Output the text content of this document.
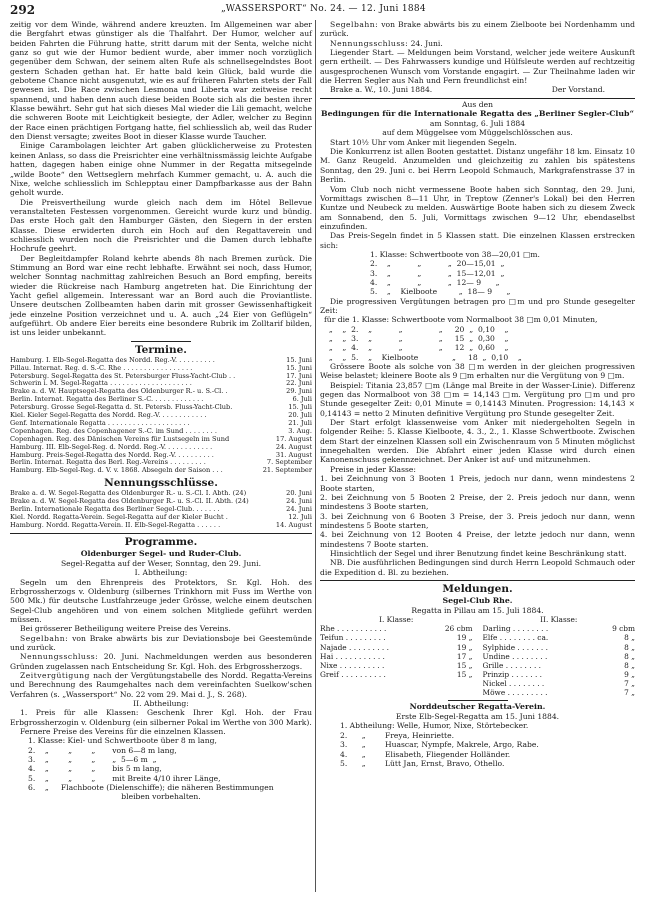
292	„WASSERSPORT“ No. 24. — 12. Juni 1884

zeitig vor dem Winde, während andere kreuzten. Im Allgemeinen war aber die Bergfahrt etwas günstiger als die Thalfahrt. Der Humor, welcher auf beiden Fahrten die Führung hatte, stritt darum mit der Senta, welche nicht ganz so gut wie der Humor bedient wurde, aber immer noch vorzüglich gegenüber dem Schwan, der seinem alten Rufe als schnellsegelndstes Boot gestern Schaden gethan hat. Er hatte bald kein Glück, bald wurde die gebotene Chance nicht ausgenutzt, wie es auf früheren Fahrten stets der Fall gewesen ist. Die Race zwischen Lesmona und Liberta war zeitweise recht spannend, und haben denn auch diese beiden Boote sich als die besten ihrer Klasse bewährt. Sehr gut hat sich dieses Mal wieder die Lili gemacht, welche die schweren Boote mit Leichtigkeit besiegte, der Adler, welcher zu Beginn der Race einen prächtigen Fortgang hatte, fiel schliesslich ab, weil das Ruder den Dienst versagte; zweites Boot in dieser Klasse wurde Taucher.

Einige Carambolagen leichter Art gaben glücklicherweise zu Protesten keinen Anlass, so dass die Preisrichter eine verhältnissmässig leichte Aufgabe hatten, dagegen haben einige ohne Nummer in der Regatta mitsegelnde „wilde Boote“ den Wettseglern mehrfach Kummer gemacht, u. A. auch die Nixe, welche schliesslich im Schlepptau einer Dampfbarkasse aus der Bahn geholt wurde.

Die Preisvertheilung wurde gleich nach dem im Hôtel Bellevue veranstalteten Festessen vorgenommen. Gereicht wurde kurz und bündig. Das erste Hoch galt den Hamburger Gästen, den Siegern in der ersten Klasse. Diese erwiderten durch ein Hoch auf den Regattaverein und schliesslich wurden noch die Preisrichter und die Damen durch lebhafte Hochrufe geehrt.

Der Begleitdampfer Roland kehrte abends 8h nach Bremen zurück. Die Stimmung an Bord war eine recht lebhafte. Erwähnt sei noch, dass Humor, welcher Sonntag nachmittag zahlreichen Besuch an Bord empfing, bereits wieder die Rückreise nach Hamburg angetreten hat. Die Einrichtung der Yacht gefiel allgemein. Interessant war an Bord auch die Proviantliste. Unsere deutschen Zollbeamten haben darin mit grosser Gewissenhaftigkeit jede einzelne Position verzeichnet und u. A. auch „24 Eier von Geflügeln“ aufgeführt. Ob andere Eier bereits eine besondere Rubrik im Zolltarif bilden, ist uns leider unbekannt.

Termine.
Hamburg. I. Elb-Segel-Regatta des Nordd. Reg.-V. . . . . . . . . .	15. Juni
Pillau. Internat. Reg. d. S.-C. Rhe . . . . . . . . . . . . . . . . .	15. Juni
Petersburg. Segel-Regatta des St. Petersburger Fluss-Yacht-Club . .	17. Juni
Schwerin i. M. Segel-Regatta . . . . . . . . . . . . . . . . . . . .	22. Juni
Brake a. d. W. Hauptsegel-Regatta des Oldenburger R.- u. S.-Cl. .	29. Juni
Berlin. Internat. Regatta des Berliner S.-C. . . . . . . . . . . . .	6. Juli
Petersburg. Grosse Segel-Regatta d. St. Petersb. Fluss-Yacht-Club.	15. Juli
Kiel. Kieler Segel-Regatta des Nordd. Reg.-V. . . . . . . . . . . .	20. Juli
Genf. Internationale Regatta . . . . . . . . . . . . . . . . . . . .	21. Juli
Copenhagen. Reg. des Copenhagener S.-C. im Sund . . . . . . . .	3. Aug.
Copenhagen. Reg. des Dänischen Vereins für Lustsegeln im Sund	17. August
Hamburg. III. Elb-Segel-Reg. d. Nordd. Reg.-V. . . . . . . . . . . .	24. August
Hamburg. Preis-Segel-Regatta des Nordd. Reg.-V. . . . . . . . . .	31. August
Berlin. Internat. Regatta des Berl. Reg.-Vereins . . . . . . . . .	7. September
Hamburg. Elb-Segel-Reg. d. V. v. 1868. Absegeln der Saison . . .	21. September
Nennungsschlüsse.
Brake a. d. W. Segel-Regatta des Oldenburger R.- u. S.-Cl. I. Abth. (24)	20. Juni
Brake a. d. W. Segel-Regatta des Oldenburger R.- u. S.-Cl. II. Abth. (24)	24. Juni
Berlin. Internationale Regatta des Berliner Segel-Club. . . . . . .	24. Juni
Kiel. Nordd. Regatta-Verein. Segel-Regatta auf der Kieler Bucht .	12. Juli
Hamburg. Nordd. Regatta-Verein. II. Elb-Segel-Regatta . . . . . .	14. August
Programme.
Oldenburger Segel- und Ruder-Club.

Segel-Regatta auf der Weser, Sonntag, den 29. Juni.

I. Abtheilung:

Segeln um den Ehrenpreis des Protektors, Sr. Kgl. Hoh. des Erbgrossherzogs v. Oldenburg (silbernes Trinkhorn mit Fuss im Werthe von 500 Mk.) für deutsche Lustfahrzeuge jeder Grösse, welche einem deutschen Segel-Club angehören und von einem solchen Mitgliede geführt werden müssen.

Bei grösserer Betheiligung weitere Preise des Vereins.

Segelbahn: von Brake abwärts bis zur Deviationsboje bei Geestemünde und zurück.

Nennungsschluss: 20. Juni. Nachmeldungen werden aus besonderen Gründen zugelassen nach Entscheidung Sr. Kgl. Hoh. des Erbgrossherzogs.

Zeitvergütigung nach der Vergütungstabelle des Nordd. Regatta-Vereins und Berechnung des Raumgehaltes nach dem vereinfachten Suelkow'schen Verfahren (s. „Wassersport“ No. 22 vom 29. Mai d. J., S. 268).

II. Abtheilung:

1. Preis für alle Klassen: Geschenk Ihrer Kgl. Hoh. der Frau Erbgrossherzogin v. Oldenburg (ein silberner Pokal im Werthe von 300 Mark).

Fernere Preise des Vereins für die einzelnen Klassen.

1. Klasse: Kiel- und Schwertboote über 8 m lang,
2.    „        „        „       von 6—8 m lang,
3.    „        „        „       „  5—6 m  „
4.    „        „        „       bis 5 m lang,
5.    „        „        „       mit Breite 4/10 ihrer Länge,
6.    „     Flachboote (Dielenschiffe); die näheren Bestimmungen

bleiben vorbehalten.

Segelbahn: von Brake abwärts bis zu einem Zielboote bei Nordenhamm und zurück.

Nennungsschluss: 24. Juni.

Liegender Start. — Meldungen beim Vorstand, welcher jede weitere Auskunft gern ertheilt. — Des Fahrwassers kundige und Hülfsleute werden auf rechtzeitig ausgesprochenen Wunsch vom Vorstande engagirt. — Zur Theilnahme laden wir die Herren Segler aus Nah und Fern freundlichst ein!

Brake a. W., 10. Juni 1884.	Der Vorstand.

Aus den

Bedingungen für die Internationale Regatta des „Berliner Segler-Club“

am Sonntag, 6. Juli 1884

auf dem Müggelsee vom Müggelschlösschen aus.

Start 10½ Uhr vom Anker mit liegenden Segeln.

Die Konkurrenz ist allen Booten gestattet. Distanz ungefähr 18 km. Einsatz 10 M. Ganz Reugeld. Anzumelden und gleichzeitig zu zahlen bis spätestens Sonntag, den 29. Juni c. bei Herrn Leopold Schmauch, Markgrafenstrasse 37 in Berlin.

Vom Club noch nicht vermessene Boote haben sich Sonntag, den 29. Juni, Vormittags zwischen 8—11 Uhr, in Treptow (Zenner's Lokal) bei den Herren Kuntze und Neubeck zu melden. Auswärtige Boote haben sich zu diesem Zweck am Sonnabend, den 5. Juli, Vormittags zwischen 9—12 Uhr, ebendaselbst einzufinden.

Das Preis-Segeln findet in 5 Klassen statt. Die einzelnen Klassen erstrecken sich:

1. Klasse: Schwertboote von 38—20,01 □m.
2.    „           „           „  20—15,01  „
3.    „           „           „  15—12,01  „
4.    „           „           „  12— 9      „
5.    „    Kielboote         „  18— 9      „

Die progressiven Vergütungen betragen pro □m und pro Stunde gesegelter Zeit:

für die 1. Klasse: Schwertboote vom Normalboot 38 □m 0,01 Minuten,
„    „  2.    „           „               „     20  „  0,10    „
„    „  3.    „           „               „     15  „  0,30    „
„    „  4.    „           „               „     12  „  0,60    „
„    „  5.    „    Kielboote              „     18  „  0,10    „

Grössere Boote als solche von 38 □m werden in der gleichen progressiven Weise belastet; kleinere Boote als 9 □m erhalten nur die Vergütung von 9 □m.

Beispiel: Titania 23,857 □m (Länge mal Breite in der Wasser-Linie). Differenz gegen das Normalboot von 38 □m = 14,143 □m. Vergütung pro □m und pro Stunde gesegelter Zeit: 0,01 Minute = 0,14143 Minuten. Progression: 14,143 × 0,14143 = netto 2 Minuten definitive Vergütung pro Stunde gesegelter Zeit.

Der Start erfolgt klassenweise vom Anker mit niedergeholten Segeln in folgender Reihe: 5. Klasse Kielboote, 4. 3., 2., 1. Klasse Schwertboote. Zwischen dem Start der einzelnen Klassen soll ein Zwischenraum von 5 Minuten möglichst innegehalten werden. Die Abfahrt einer jeden Klasse wird durch einen Kanonenschuss gekennzeichnet. Der Anker ist auf- und mitzunehmen.

Preise in jeder Klasse:

1. bei Zeichnung von 3 Booten 1 Preis, jedoch nur dann, wenn mindestens 2 Boote starten,

2. bei Zeichnung von 5 Booten 2 Preise, der 2. Preis jedoch nur dann, wenn mindestens 3 Boote starten,

3. bei Zeichnung von 6 Booten 3 Preise, der 3. Preis jedoch nur dann, wenn mindestens 5 Boote starten,

4. bei Zeichnung von 12 Booten 4 Preise, der letzte jedoch nur dann, wenn mindestens 7 Boote starten.

Hinsichtlich der Segel und ihrer Benutzung findet keine Beschränkung statt.

NB. Die ausführlichen Bedingungen sind durch Herrn Leopold Schmauch oder die Expedition d. Bl. zu beziehen.

Meldungen.
Segel-Club Rhe.

Regatta in Pillau am 15. Juli 1884.

I. Klasse:
Rhe . . . . . . . . . . .	26 cbm
Teifun . . . . . . . . .	19 „
Najade . . . . . . . . .	19 „
Hai . . . . . . . . . . .	17 „
Nixe . . . . . . . . . .	15 „
Greif . . . . . . . . . .	15 „
II. Klasse:
Darling . . . . . . . .	9 cbm
Elfe . . . . . . . . ca.	8 „
Sylphide . . . . . . .	8 „
Undine . . . . . . . .	8 „
Grille . . . . . . . .	8 „
Prinzip . . . . . . .	9 „
Nickel . . . . . . . .	7 „
Möwe . . . . . . . . .	7 „
Norddeutscher Regatta-Verein.

Erste Elb-Segel-Regatta am 15. Juni 1884.

1. Abtheilung: Welle, Humor, Nixe, Störtebecker.
2.      „        Freya, Heinriette.
3.      „        Huascar, Nympfe, Makrele, Argo, Rabe.
4.      „        Elisabeth, Fliegender Holländer.
5.      „        Lütt Jan, Ernst, Bravo, Othello.
